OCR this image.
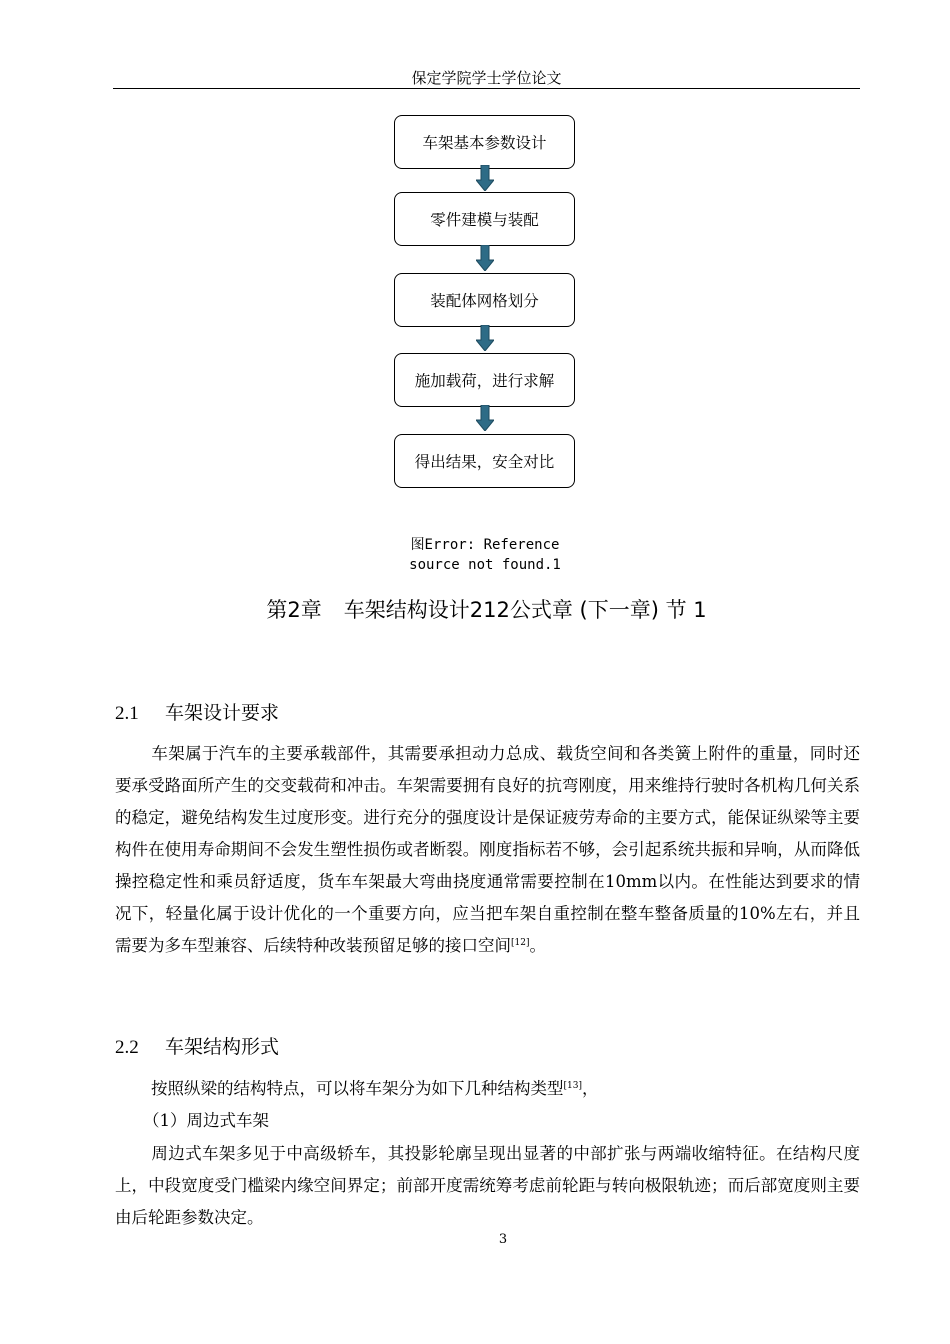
保定学院学士学位论文
车架基本参数设计
零件建模与装配
装配体网格划分
施加载荷，进行求解
得出结果，安全对比
图Error: Reference
source not found.1
第2章 车架结构设计212公式章 (下一章) 节 1
2.1 车架设计要求
车架属于汽车的主要承载部件，其需要承担动力总成、载货空间和各类簧上附件的重量，同时还要承受路面所产生的交变载荷和冲击。车架需要拥有良好的抗弯刚度，用来维持行驶时各机构几何关系的稳定，避免结构发生过度形变。进行充分的强度设计是保证疲劳寿命的主要方式，能保证纵梁等主要构件在使用寿命期间不会发生塑性损伤或者断裂。刚度指标若不够，会引起系统共振和异响，从而降低操控稳定性和乘员舒适度，货车车架最大弯曲挠度通常需要控制在10mm以内。在性能达到要求的情况下，轻量化属于设计优化的一个重要方向，应当把车架自重控制在整车整备质量的10%左右，并且需要为多车型兼容、后续特种改装预留足够的接口空间[12]。
2.2 车架结构形式
按照纵梁的结构特点，可以将车架分为如下几种结构类型[13]，
（1）周边式车架
周边式车架多见于中高级轿车，其投影轮廓呈现出显著的中部扩张与两端收缩特征。在结构尺度上，中段宽度受门槛梁内缘空间界定；前部开度需统筹考虑前轮距与转向极限轨迹；而后部宽度则主要由后轮距参数决定。
3
